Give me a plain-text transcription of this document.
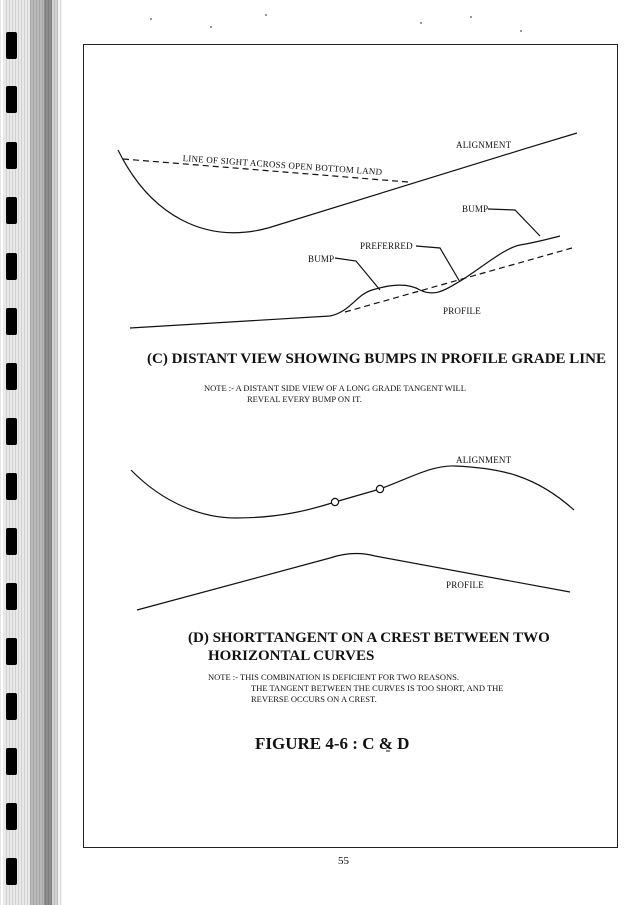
LINE OF SIGHT ACROSS OPEN BOTTOM LAND
ALIGNMENT
BUMP
PREFERRED
BUMP
PROFILE
(C) DISTANT VIEW SHOWING BUMPS IN PROFILE GRADE LINE
NOTE :- A DISTANT SIDE VIEW OF A LONG GRADE TANGENT WILL
REVEAL EVERY BUMP ON IT.
ALIGNMENT
PROFILE
(D) SHORTTANGENT ON A CREST BETWEEN TWO
HORIZONTAL CURVES
NOTE :- THIS COMBINATION IS DEFICIENT FOR TWO REASONS.
THE TANGENT BETWEEN THE CURVES IS TOO SHORT, AND THE
REVERSE OCCURS ON A CREST.
FIGURE 4-6 : C & D
55
